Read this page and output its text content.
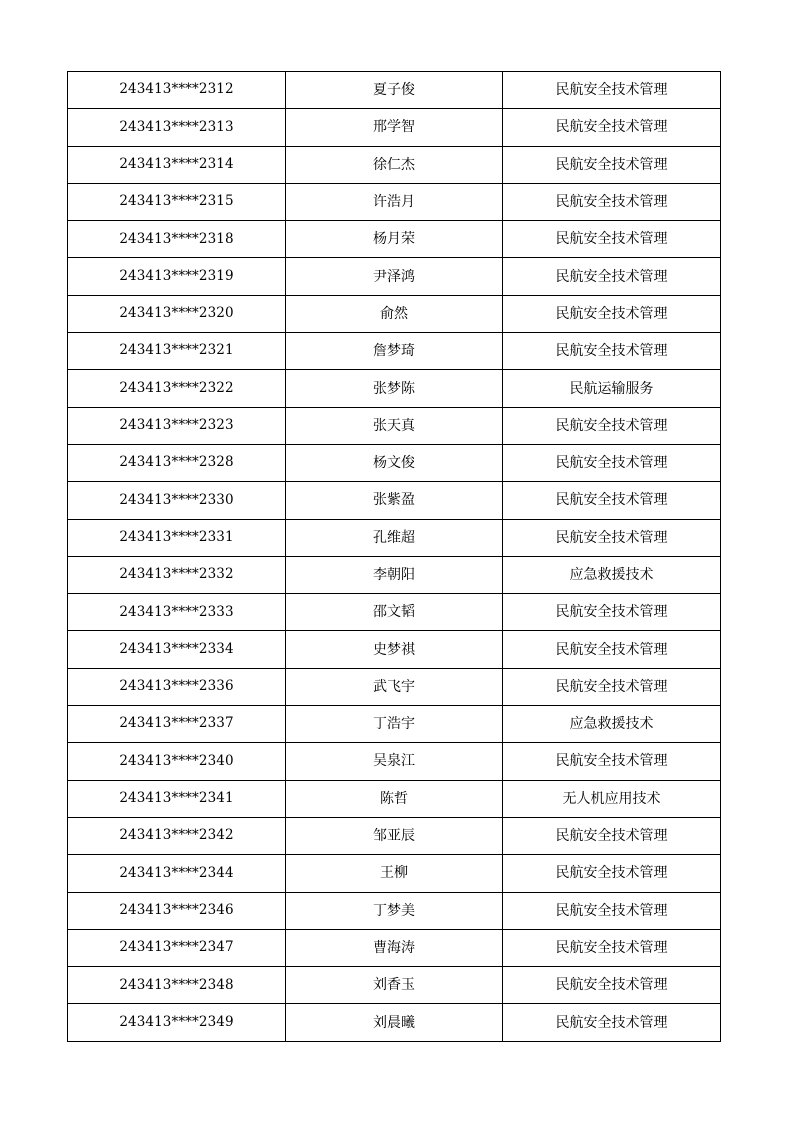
243413****2312	夏子俊	民航安全技术管理
243413****2313	邢学智	民航安全技术管理
243413****2314	徐仁杰	民航安全技术管理
243413****2315	许浩月	民航安全技术管理
243413****2318	杨月荣	民航安全技术管理
243413****2319	尹泽鸿	民航安全技术管理
243413****2320	俞然	民航安全技术管理
243413****2321	詹梦琦	民航安全技术管理
243413****2322	张梦陈	民航运输服务
243413****2323	张天真	民航安全技术管理
243413****2328	杨文俊	民航安全技术管理
243413****2330	张紫盈	民航安全技术管理
243413****2331	孔维超	民航安全技术管理
243413****2332	李朝阳	应急救援技术
243413****2333	邵文韬	民航安全技术管理
243413****2334	史梦祺	民航安全技术管理
243413****2336	武飞宇	民航安全技术管理
243413****2337	丁浩宇	应急救援技术
243413****2340	吴泉江	民航安全技术管理
243413****2341	陈哲	无人机应用技术
243413****2342	邹亚辰	民航安全技术管理
243413****2344	王柳	民航安全技术管理
243413****2346	丁梦美	民航安全技术管理
243413****2347	曹海涛	民航安全技术管理
243413****2348	刘香玉	民航安全技术管理
243413****2349	刘晨曦	民航安全技术管理
